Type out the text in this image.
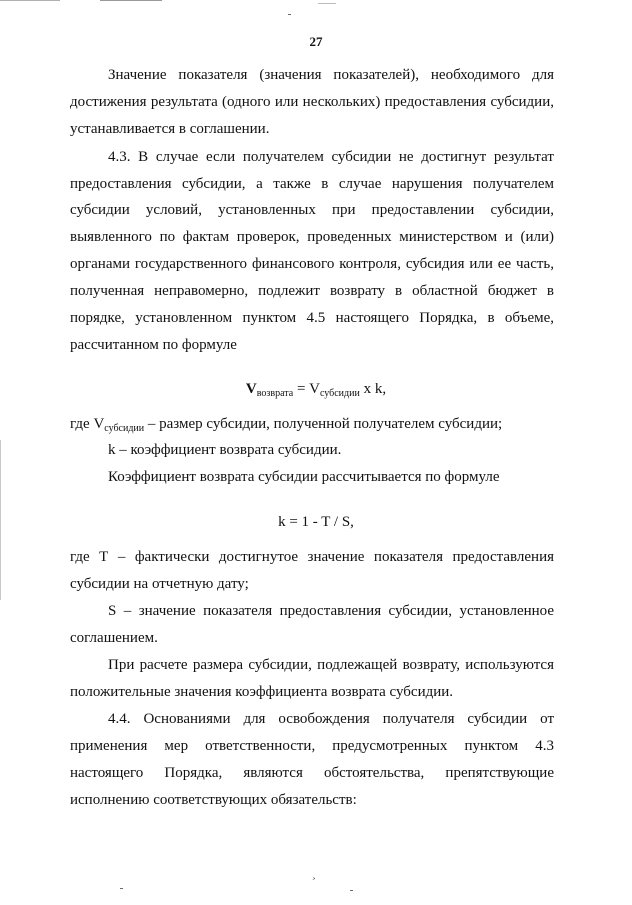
27
Значение показателя (значения показателей), необходимого для
достижения результата (одного или нескольких) предоставления субсидии,
устанавливается в соглашении.
4.3. В случае если получателем субсидии не достигнут результат
предоставления субсидии, а также в случае нарушения получателем
субсидии условий, установленных при предоставлении субсидии,
выявленного по фактам проверок, проведенных министерством и (или)
органами государственного финансового контроля, субсидия или ее часть,
полученная неправомерно, подлежит возврату в областной бюджет в
порядке, установленном пунктом 4.5 настоящего Порядка, в объеме,
рассчитанном по формуле
$V_{возврата} = V_{субсидии}$ x k,
где $V_{субсидии}$ – размер субсидии, полученной получателем субсидии;
k – коэффициент возврата субсидии.
Коэффициент возврата субсидии рассчитывается по формуле
k = 1 - T / S,
где Т – фактически достигнутое значение показателя предоставления
субсидии на отчетную дату;
S – значение показателя предоставления субсидии, установленное
соглашением.
При расчете размера субсидии, подлежащей возврату, используются
положительные значения коэффициента возврата субсидии.
4.4. Основаниями для освобождения получателя субсидии от
применения мер ответственности, предусмотренных пунктом 4.3
настоящего Порядка, являются обстоятельства, препятствующие
исполнению соответствующих обязательств:
¸
